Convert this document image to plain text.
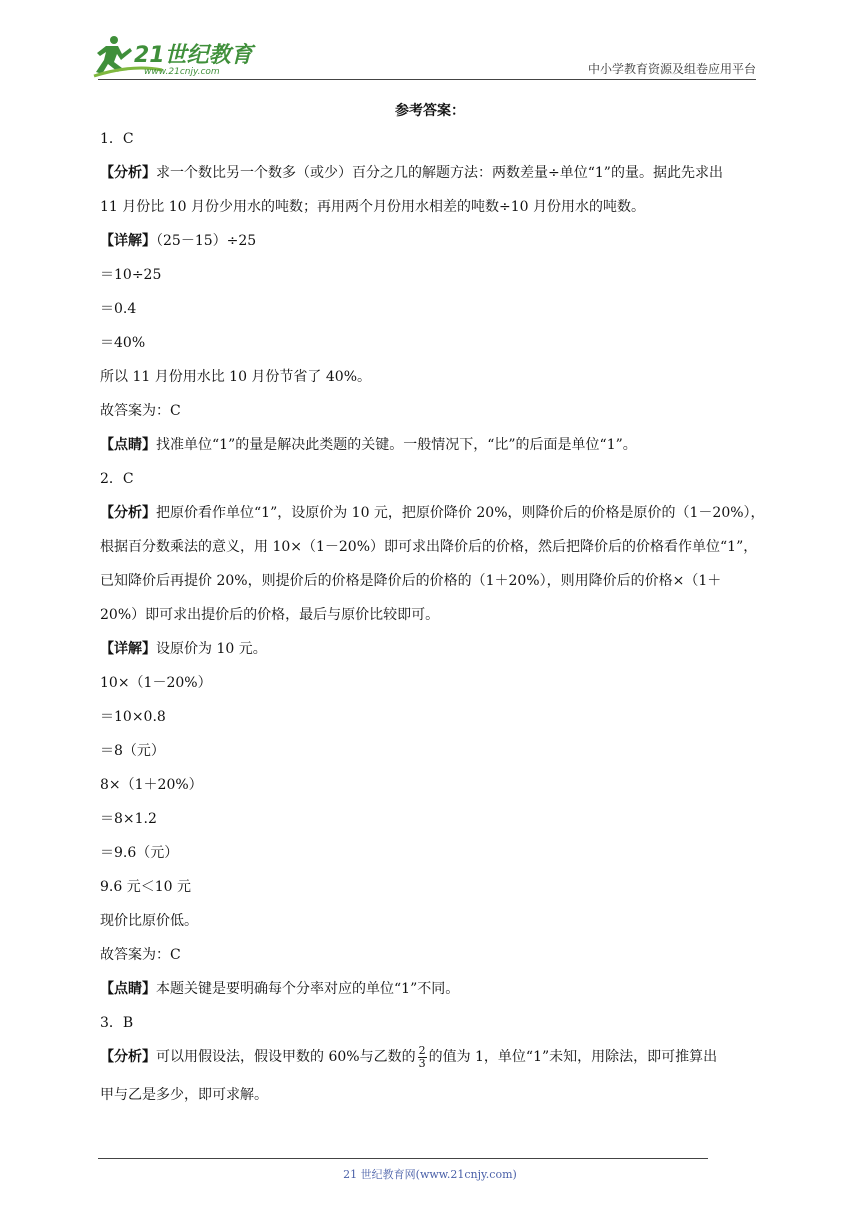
21世纪教育
www.21cnjy.com	中小学教育资源及组卷应用平台
参考答案：
1．C
【分析】求一个数比另一个数多（或少）百分之几的解题方法：两数差量÷单位“1”的量。据此先求出
11 月份比 10 月份少用水的吨数；再用两个月份用水相差的吨数÷10 月份用水的吨数。
【详解】（25－15）÷25
＝10÷25
＝0.4
＝40%
所以 11 月份用水比 10 月份节省了 40%。
故答案为：C
【点睛】找准单位“1”的量是解决此类题的关键。一般情况下，“比”的后面是单位“1”。
2．C
【分析】把原价看作单位“1”，设原价为 10 元，把原价降价 20%，则降价后的价格是原价的（1－20%），
根据百分数乘法的意义，用 10×（1－20%）即可求出降价后的价格，然后把降价后的价格看作单位“1”，
已知降价后再提价 20%，则提价后的价格是降价后的价格的（1＋20%），则用降价后的价格×（1＋
20%）即可求出提价后的价格，最后与原价比较即可。
【详解】设原价为 10 元。
10×（1－20%）
＝10×0.8
＝8（元）
8×（1＋20%）
＝8×1.2
＝9.6（元）
9.6 元＜10 元
现价比原价低。
故答案为：C
【点睛】本题关键是要明确每个分率对应的单位“1”不同。
3．B
【分析】可以用假设法，假设甲数的 60%与乙数的 $\frac{2}{3}$ 的值为 1，单位“1”未知，用除法，即可推算出
甲与乙是多少，即可求解。
21 世纪教育网(www.21cnjy.com)
